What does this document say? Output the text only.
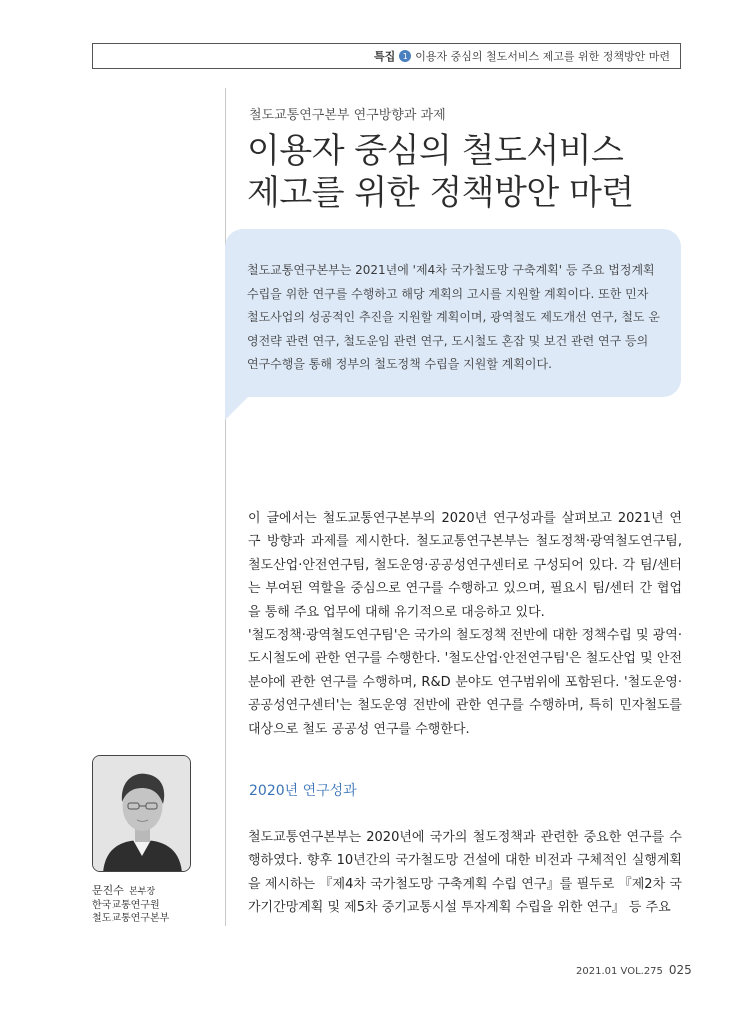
특집 1 이용자 중심의 철도서비스 제고를 위한 정책방안 마련
철도교통연구본부 연구방향과 과제
이용자 중심의 철도서비스
제고를 위한 정책방안 마련

철도교통연구본부는 2021년에 '제4차 국가철도망 구축계획' 등 주요 법정계획 수립을 위한 연구를 수행하고 해당 계획의 고시를 지원할 계획이다. 또한 민자 철도사업의 성공적인 추진을 지원할 계획이며, 광역철도 제도개선 연구, 철도 운영전략 관련 연구, 철도운임 관련 연구, 도시철도 혼잡 및 보건 관련 연구 등의 연구수행을 통해 정부의 철도정책 수립을 지원할 계획이다.

이 글에서는 철도교통연구본부의 2020년 연구성과를 살펴보고 2021년 연구 방향과 과제를 제시한다. 철도교통연구본부는 철도정책·광역철도연구팀, 철도산업·안전연구팀, 철도운영·공공성연구센터로 구성되어 있다. 각 팀/센터는 부여된 역할을 중심으로 연구를 수행하고 있으며, 필요시 팀/센터 간 협업을 통해 주요 업무에 대해 유기적으로 대응하고 있다.

'철도정책·광역철도연구팀'은 국가의 철도정책 전반에 대한 정책수립 및 광역·도시철도에 관한 연구를 수행한다. '철도산업·안전연구팀'은 철도산업 및 안전 분야에 관한 연구를 수행하며, R&D 분야도 연구범위에 포함된다. '철도운영·공공성연구센터'는 철도운영 전반에 관한 연구를 수행하며, 특히 민자철도를 대상으로 철도 공공성 연구를 수행한다.

2020년 연구성과

철도교통연구본부는 2020년에 국가의 철도정책과 관련한 중요한 연구를 수행하였다. 향후 10년간의 국가철도망 건설에 대한 비전과 구체적인 실행계획을 제시하는 『제4차 국가철도망 구축계획 수립 연구』를 필두로 『제2차 국가기간망계획 및 제5차 중기교통시설 투자계획 수립을 위한 연구』 등 주요

문진수 본부장
한국교통연구원
철도교통연구본부
2021.01 VOL.275 025
